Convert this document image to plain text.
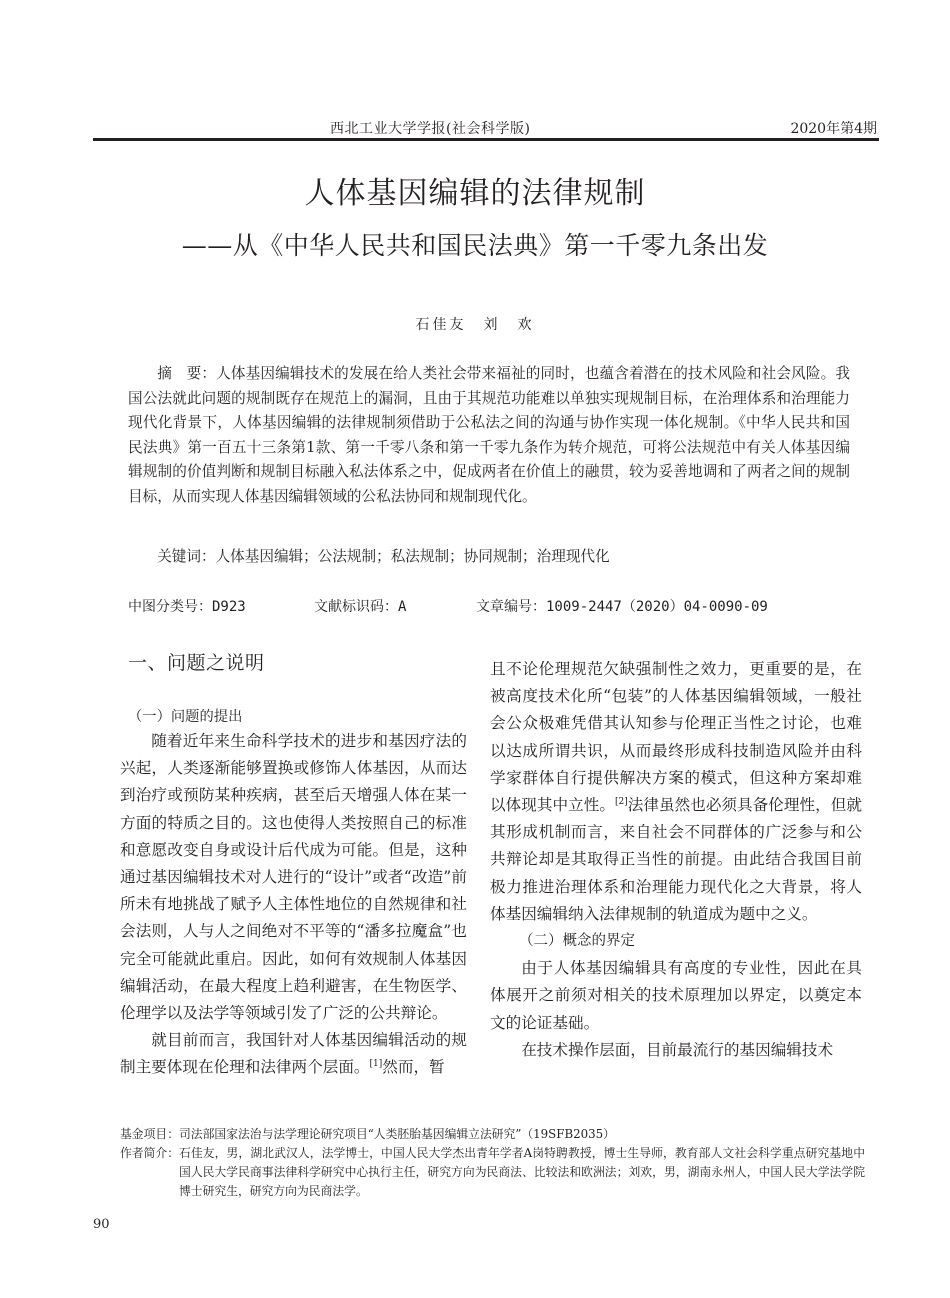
西北工业大学学报(社会科学版)	2020年第4期
人体基因编辑的法律规制
——从《中华人民共和国民法典》第一千零九条出发
石佳友　刘　欢

摘　要：人体基因编辑技术的发展在给人类社会带来福祉的同时，也蕴含着潜在的技术风险和社会风险。我国公法就此问题的规制既存在规范上的漏洞，且由于其规范功能难以单独实现规制目标，在治理体系和治理能力现代化背景下，人体基因编辑的法律规制须借助于公私法之间的沟通与协作实现一体化规制。《中华人民共和国民法典》第一百五十三条第1款、第一千零八条和第一千零九条作为转介规范，可将公法规范中有关人体基因编辑规制的价值判断和规制目标融入私法体系之中，促成两者在价值上的融贯，较为妥善地调和了两者之间的规制目标，从而实现人体基因编辑领域的公私法协同和规制现代化。

关键词：人体基因编辑；公法规制；私法规制；协同规制；治理现代化

中图分类号：D923	文献标识码：A	文章编号：1009-2447（2020）04-0090-09
一、问题之说明
（一）问题的提出

随着近年来生命科学技术的进步和基因疗法的兴起，人类逐渐能够置换或修饰人体基因，从而达到治疗或预防某种疾病，甚至后天增强人体在某一方面的特质之目的。这也使得人类按照自己的标准和意愿改变自身或设计后代成为可能。但是，这种通过基因编辑技术对人进行的“设计”或者“改造”前所未有地挑战了赋予人主体性地位的自然规律和社会法则，人与人之间绝对不平等的“潘多拉魔盒”也完全可能就此重启。因此，如何有效规制人体基因编辑活动，在最大程度上趋利避害，在生物医学、伦理学以及法学等领域引发了广泛的公共辩论。

就目前而言，我国针对人体基因编辑活动的规制主要体现在伦理和法律两个层面。[1]然而，暂

且不论伦理规范欠缺强制性之效力，更重要的是，在被高度技术化所“包装”的人体基因编辑领域，一般社会公众极难凭借其认知参与伦理正当性之讨论，也难以达成所谓共识，从而最终形成科技制造风险并由科学家群体自行提供解决方案的模式，但这种方案却难以体现其中立性。[2]法律虽然也必须具备伦理性，但就其形成机制而言，来自社会不同群体的广泛参与和公共辩论却是其取得正当性的前提。由此结合我国目前极力推进治理体系和治理能力现代化之大背景，将人体基因编辑纳入法律规制的轨道成为题中之义。

（二）概念的界定

由于人体基因编辑具有高度的专业性，因此在具体展开之前须对相关的技术原理加以界定，以奠定本文的论证基础。

在技术操作层面，目前最流行的基因编辑技术

基金项目： 司法部国家法治与法学理论研究项目“人类胚胎基因编辑立法研究”（19SFB2035）
作者简介： 石佳友，男，湖北武汉人，法学博士，中国人民大学杰出青年学者A岗特聘教授，博士生导师，教育部人文社会科学重点研究基地中国人民大学民商事法律科学研究中心执行主任，研究方向为民商法、比较法和欧洲法；刘欢，男，湖南永州人，中国人民大学法学院博士研究生，研究方向为民商法学。
90
